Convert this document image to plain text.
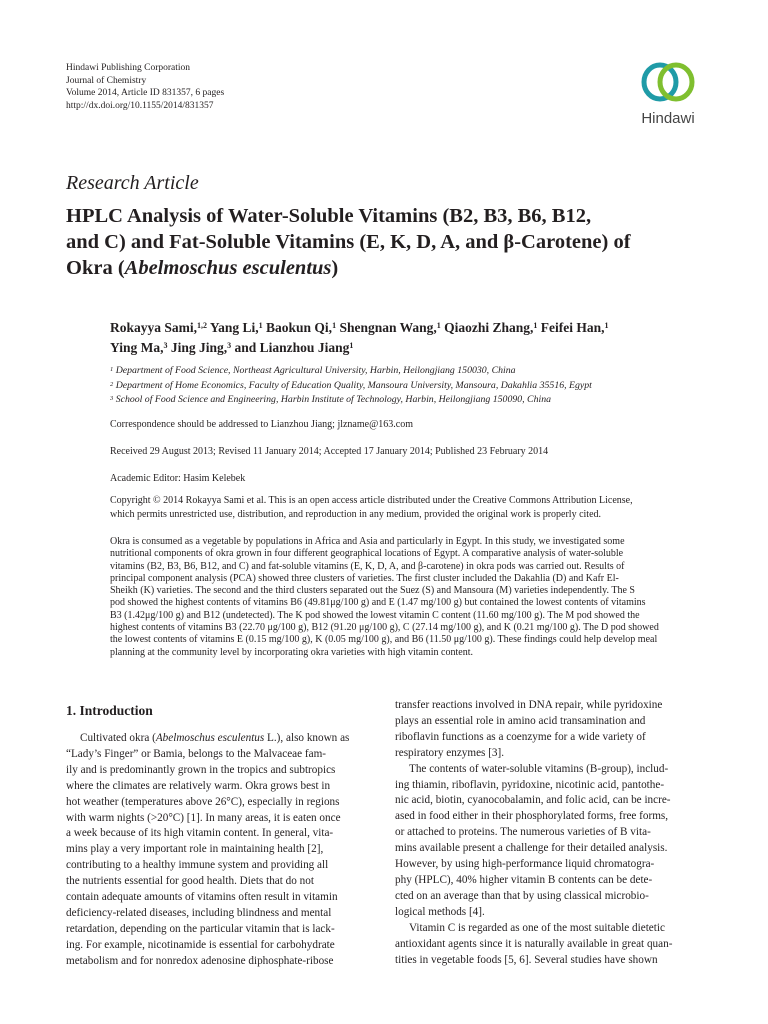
Hindawi Publishing Corporation
Journal of Chemistry
Volume 2014, Article ID 831357, 6 pages
http://dx.doi.org/10.1155/2014/831357
Hindawi
Research Article
HPLC Analysis of Water-Soluble Vitamins (B2, B3, B6, B12,
and C) and Fat-Soluble Vitamins (E, K, D, A, and β-Carotene) of
Okra (Abelmoschus esculentus)
Rokayya Sami,$^{1,2}$ Yang Li,$^1$ Baokun Qi,$^1$ Shengnan Wang,$^1$ Qiaozhi Zhang,$^1$ Feifei Han,$^1$
Ying Ma,$^3$ Jing Jing,$^3$ and Lianzhou Jiang$^1$
$^1$ Department of Food Science, Northeast Agricultural University, Harbin, Heilongjiang 150030, China
$^2$ Department of Home Economics, Faculty of Education Quality, Mansoura University, Mansoura, Dakahlia 35516, Egypt
$^3$ School of Food Science and Engineering, Harbin Institute of Technology, Harbin, Heilongjiang 150090, China
Correspondence should be addressed to Lianzhou Jiang; jlzname@163.com
Received 29 August 2013; Revised 11 January 2014; Accepted 17 January 2014; Published 23 February 2014
Academic Editor: Hasim Kelebek
Copyright © 2014 Rokayya Sami et al. This is an open access article distributed under the Creative Commons Attribution License,
which permits unrestricted use, distribution, and reproduction in any medium, provided the original work is properly cited.
Okra is consumed as a vegetable by populations in Africa and Asia and particularly in Egypt. In this study, we investigated some
nutritional components of okra grown in four different geographical locations of Egypt. A comparative analysis of water-soluble
vitamins (B2, B3, B6, B12, and C) and fat-soluble vitamins (E, K, D, A, and β-carotene) in okra pods was carried out. Results of
principal component analysis (PCA) showed three clusters of varieties. The first cluster included the Dakahlia (D) and Kafr El-
Sheikh (K) varieties. The second and the third clusters separated out the Suez (S) and Mansoura (M) varieties independently. The S
pod showed the highest contents of vitamins B6 (49.81μg/100 g) and E (1.47 mg/100 g) but contained the lowest contents of vitamins
B3 (1.42μg/100 g) and B12 (undetected). The K pod showed the lowest vitamin C content (11.60 mg/100 g). The M pod showed the
highest contents of vitamins B3 (22.70 μg/100 g), B12 (91.20 μg/100 g), C (27.14 mg/100 g), and K (0.21 mg/100 g). The D pod showed
the lowest contents of vitamins E (0.15 mg/100 g), K (0.05 mg/100 g), and B6 (11.50 μg/100 g). These findings could help develop meal
planning at the community level by incorporating okra varieties with high vitamin content.
1. Introduction
Cultivated okra (Abelmoschus esculentus L.), also known as
“Lady’s Finger” or Bamia, belongs to the Malvaceae fam-
ily and is predominantly grown in the tropics and subtropics
where the climates are relatively warm. Okra grows best in
hot weather (temperatures above 26°C), especially in regions
with warm nights (>20°C) [1]. In many areas, it is eaten once
a week because of its high vitamin content. In general, vita-
mins play a very important role in maintaining health [2],
contributing to a healthy immune system and providing all
the nutrients essential for good health. Diets that do not
contain adequate amounts of vitamins often result in vitamin
deficiency-related diseases, including blindness and mental
retardation, depending on the particular vitamin that is lack-
ing. For example, nicotinamide is essential for carbohydrate
metabolism and for nonredox adenosine diphosphate-ribose
transfer reactions involved in DNA repair, while pyridoxine
plays an essential role in amino acid transamination and
riboflavin functions as a coenzyme for a wide variety of
respiratory enzymes [3].
The contents of water-soluble vitamins (B-group), includ-
ing thiamin, riboflavin, pyridoxine, nicotinic acid, pantothe-
nic acid, biotin, cyanocobalamin, and folic acid, can be incre-
ased in food either in their phosphorylated forms, free forms,
or attached to proteins. The numerous varieties of B vita-
mins available present a challenge for their detailed analysis.
However, by using high-performance liquid chromatogra-
phy (HPLC), 40% higher vitamin B contents can be dete-
cted on an average than that by using classical microbio-
logical methods [4].
Vitamin C is regarded as one of the most suitable dietetic
antioxidant agents since it is naturally available in great quan-
tities in vegetable foods [5, 6]. Several studies have shown
